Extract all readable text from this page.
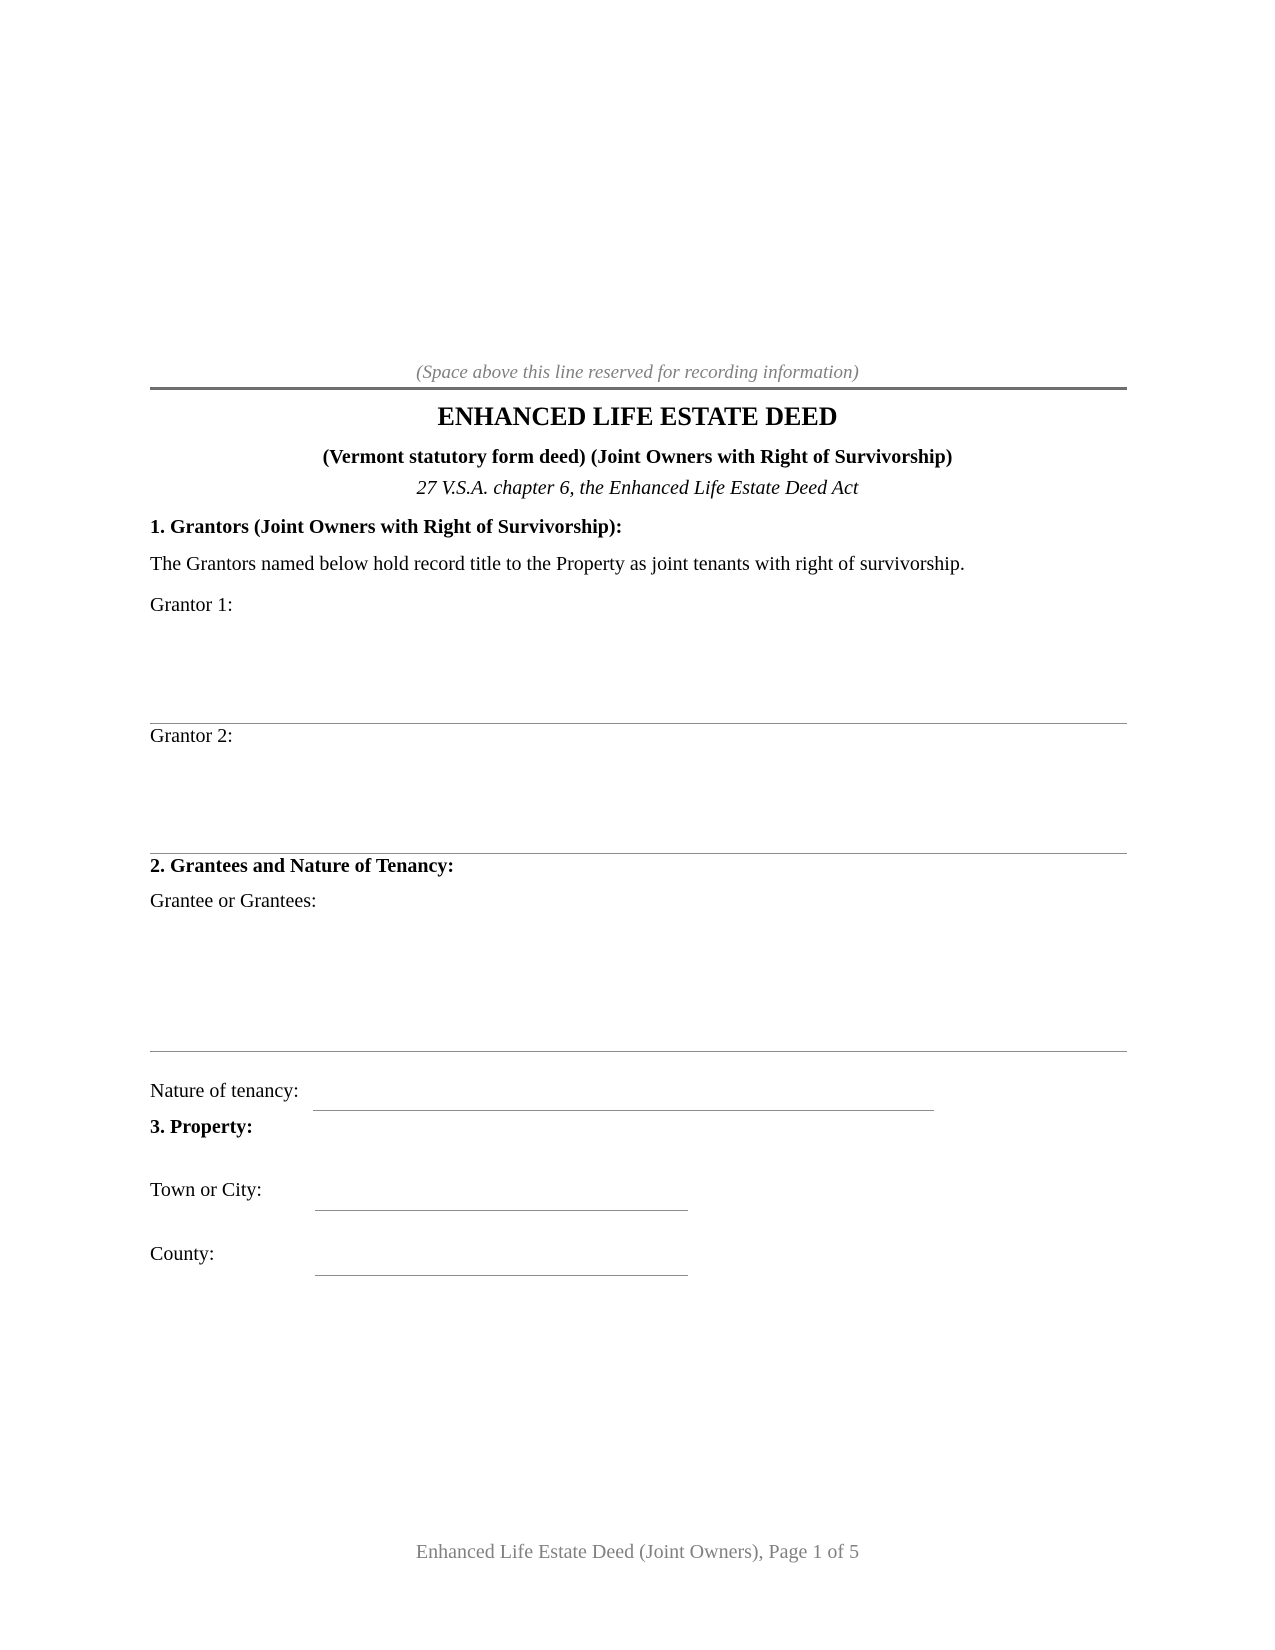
(Space above this line reserved for recording information)
ENHANCED LIFE ESTATE DEED
(Vermont statutory form deed) (Joint Owners with Right of Survivorship)
27 V.S.A. chapter 6, the Enhanced Life Estate Deed Act
1. Grantors (Joint Owners with Right of Survivorship):
The Grantors named below hold record title to the Property as joint tenants with right of survivorship.
Grantor 1:
Grantor 2:
2. Grantees and Nature of Tenancy:
Grantee or Grantees:
Nature of tenancy:
3. Property:
Town or City:
County:
Enhanced Life Estate Deed (Joint Owners), Page 1 of 5
